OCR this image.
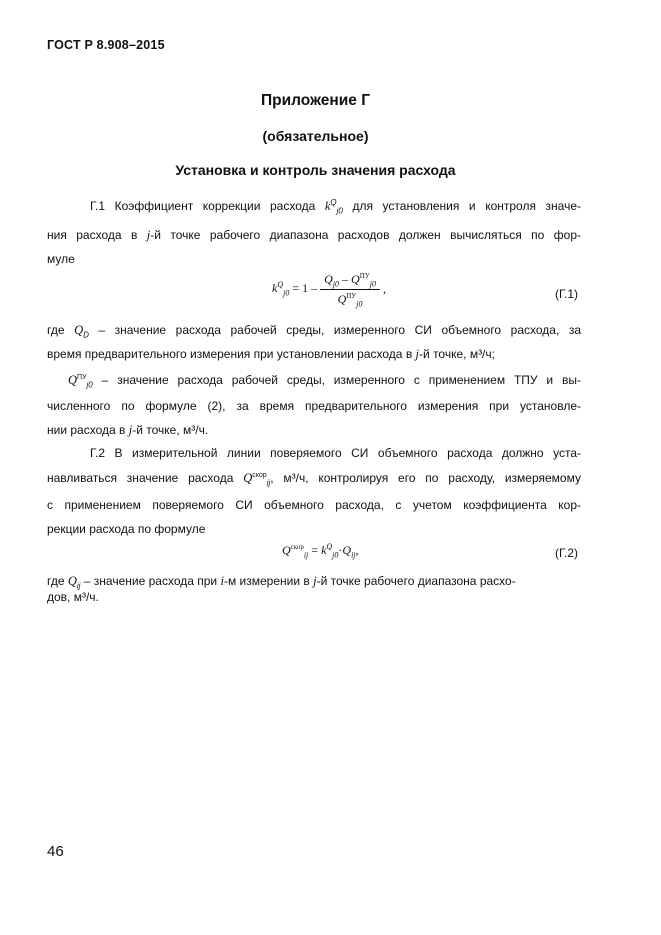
ГОСТ Р 8.908–2015
Приложение Г
(обязательное)
Установка и контроль значения расхода
Г.1 Коэффициент коррекции расхода $k^Q_{j0}$ для установления и контроля значе-
ния расхода в j-й точке рабочего диапазона расходов должен вычисляться по фор-
муле
$k^Q_{j0} = 1 - \frac{Q_{j0} - Q^{ПУ}_{j0}}{Q^{ПУ}_{j0}}$ ,	(Г.1)
где $Q_D$ – значение расхода рабочей среды, измеренного СИ объемного расхода, за
время предварительного измерения при установлении расхода в j-й точке, м³/ч;
$Q^{ПУ}_{j0}$ – значение расхода рабочей среды, измеренного с применением ТПУ и вы-
численного по формуле (2), за время предварительного измерения при установле-
нии расхода в j-й точке, м³/ч.
Г.2 В измерительной линии поверяемого СИ объемного расхода должно уста-
навливаться значение расхода $Q^{скор}_{ij}$, м³/ч, контролируя его по расходу, измеряемому
с применением поверяемого СИ объемного расхода, с учетом коэффициента кор-
рекции расхода по формуле
$Q^{скор}_{ij} = k^Q_{j0}\cdot Q_{ij}$,	(Г.2)
где $Q_{ij}$ – значение расхода при i-м измерении в j-й точке рабочего диапазона расхо-
дов, м³/ч.
46
